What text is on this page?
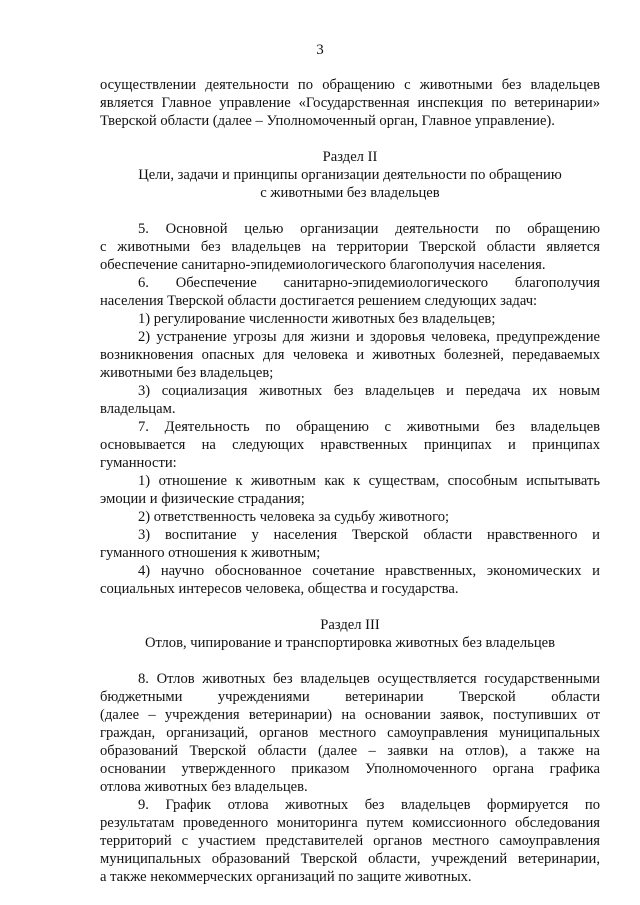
3
осуществлении деятельности по обращению с животными без владельцев
является Главное управление «Государственная инспекция по ветеринарии»
Тверской области (далее – Уполномоченный орган, Главное управление).
Раздел II
Цели, задачи и принципы организации деятельности по обращению
с животными без владельцев
5. Основной целью организации деятельности по обращению
с животными без владельцев на территории Тверской области является
обеспечение санитарно-эпидемиологического благополучия населения.
6. Обеспечение санитарно-эпидемиологического благополучия
населения Тверской области достигается решением следующих задач:
1) регулирование численности животных без владельцев;
2) устранение угрозы для жизни и здоровья человека, предупреждение
возникновения опасных для человека и животных болезней, передаваемых
животными без владельцев;
3) социализация животных без владельцев и передача их новым
владельцам.
7. Деятельность по обращению с животными без владельцев
основывается на следующих нравственных принципах и принципах
гуманности:
1) отношение к животным как к существам, способным испытывать
эмоции и физические страдания;
2) ответственность человека за судьбу животного;
3) воспитание у населения Тверской области нравственного и
гуманного отношения к животным;
4) научно обоснованное сочетание нравственных, экономических и
социальных интересов человека, общества и государства.
Раздел III
Отлов, чипирование и транспортировка животных без владельцев
8. Отлов животных без владельцев осуществляется государственными
бюджетными учреждениями ветеринарии Тверской области
(далее – учреждения ветеринарии) на основании заявок, поступивших от
граждан, организаций, органов местного самоуправления муниципальных
образований Тверской области (далее – заявки на отлов), а также на
основании утвержденного приказом Уполномоченного органа графика
отлова животных без владельцев.
9. График отлова животных без владельцев формируется по
результатам проведенного мониторинга путем комиссионного обследования
территорий с участием представителей органов местного самоуправления
муниципальных образований Тверской области, учреждений ветеринарии,
а также некоммерческих организаций по защите животных.
